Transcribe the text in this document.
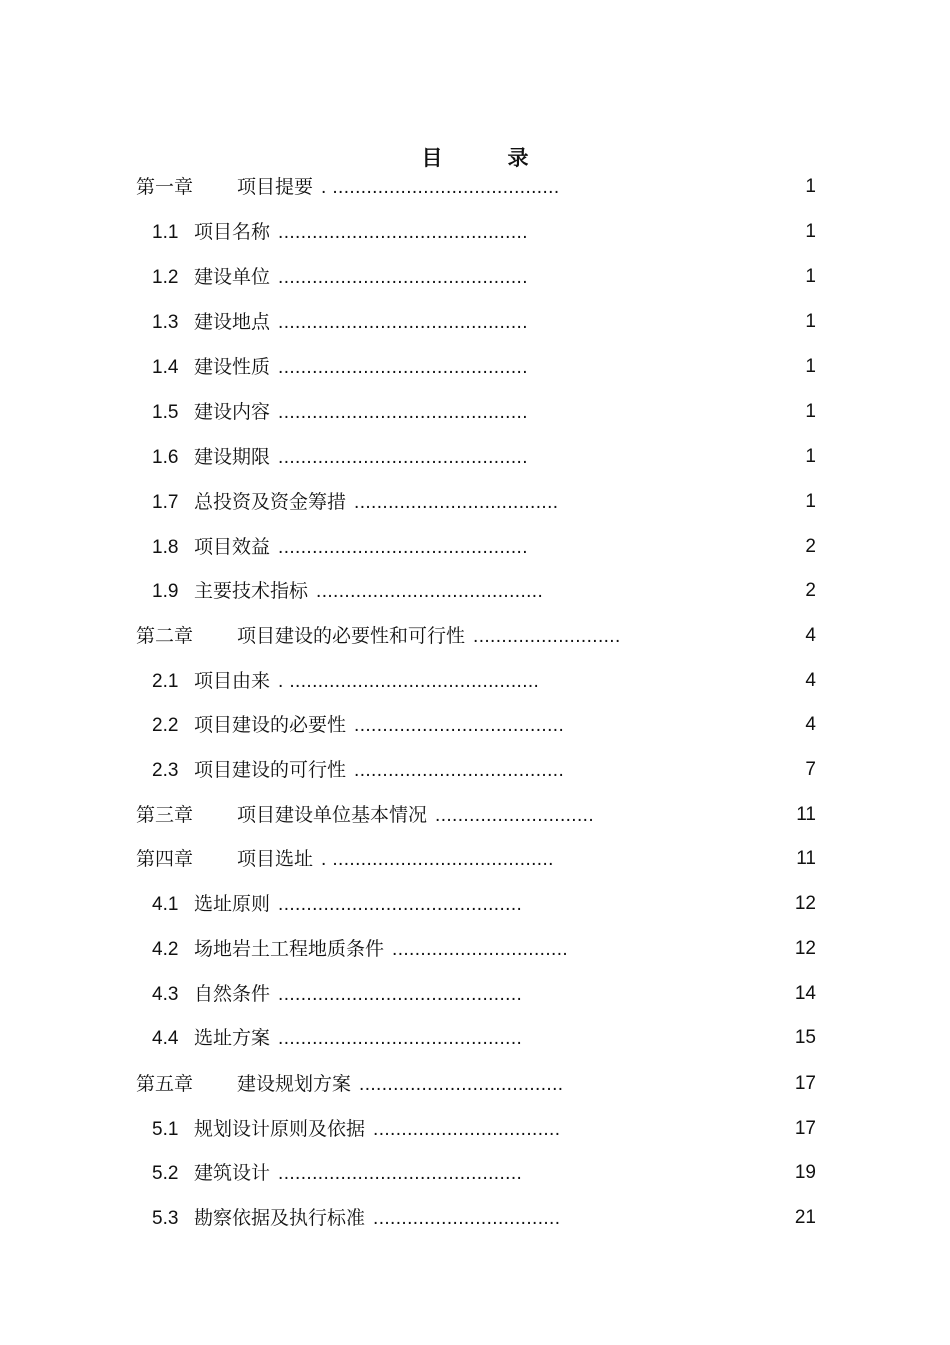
目　录
第一章 项目提要 . ........................................	1
1.1 项目名称 ............................................	1
1.2 建设单位 ............................................	1
1.3 建设地点 ............................................	1
1.4 建设性质 ............................................	1
1.5 建设内容 ............................................	1
1.6 建设期限 ............................................	1
1.7 总投资及资金筹措 ....................................	1
1.8 项目效益 ............................................	2
1.9 主要技术指标 ........................................	2
第二章 项目建设的必要性和可行性 ..........................	4
2.1 项目由来 . ............................................	4
2.2 项目建设的必要性 .....................................	4
2.3 项目建设的可行性 .....................................	7
第三章 项目建设单位基本情况 ............................	11
第四章 项目选址 . .......................................	11
4.1 选址原则 ...........................................	12
4.2 场地岩土工程地质条件 ...............................	12
4.3 自然条件 ...........................................	14
4.4 选址方案 ...........................................	15
第五章 建设规划方案 ....................................	17
5.1 规划设计原则及依据 .................................	17
5.2 建筑设计 ...........................................	19
5.3 勘察依据及执行标准 .................................	21
